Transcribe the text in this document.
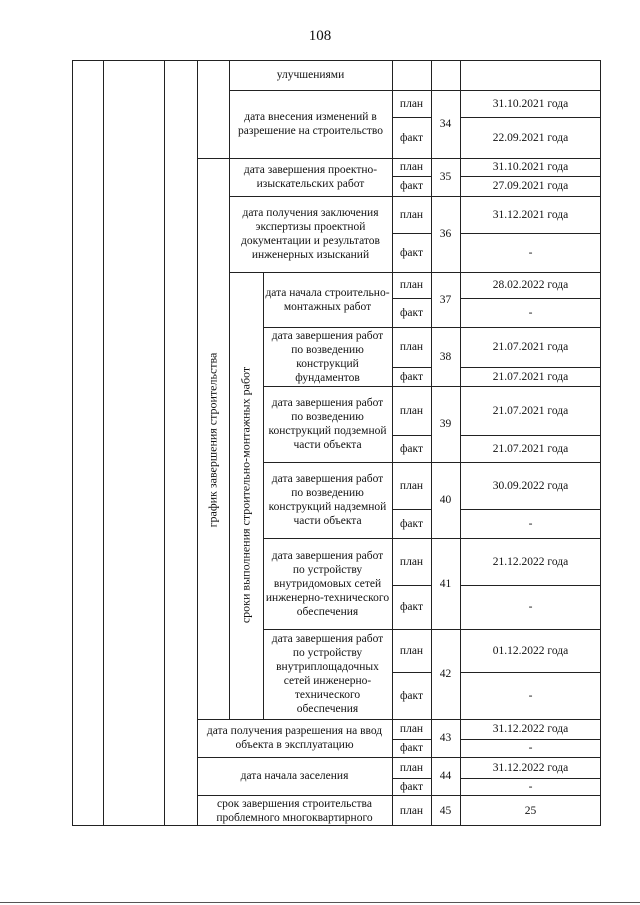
108
график завершения строительства сроки выполнения строительно-монтажных работ
улучшениями
дата внесения изменений в разрешение на строительство
план
факт
34
31.10.2021 года
22.09.2021 года
дата завершения проектно-изыскательских работ
план
факт
35
31.10.2021 года
27.09.2021 года
дата получения заключения экспертизы проектной документации и результатов инженерных изысканий
план
факт
36
31.12.2021 года
-
дата начала строительно-монтажных работ
план
факт
37
28.02.2022 года
-
дата завершения работ по возведению конструкций фундаментов
план
факт
38
21.07.2021 года
21.07.2021 года
дата завершения работ по возведению конструкций подземной части объекта
план
факт
39
21.07.2021 года
21.07.2021 года
дата завершения работ по возведению конструкций надземной части объекта
план
факт
40
30.09.2022 года
-
дата завершения работ по устройству внутридомовых сетей инженерно-технического обеспечения
план
факт
41
21.12.2022 года
-
дата завершения работ по устройству внутриплощадочных сетей инженерно-технического обеспечения
план
факт
42
01.12.2022 года
-
дата получения разрешения на ввод объекта в эксплуатацию
план
факт
43
31.12.2022 года
-
дата начала заселения
план
факт
44
31.12.2022 года
-
срок завершения строительства проблемного многоквартирного
план	45	25
